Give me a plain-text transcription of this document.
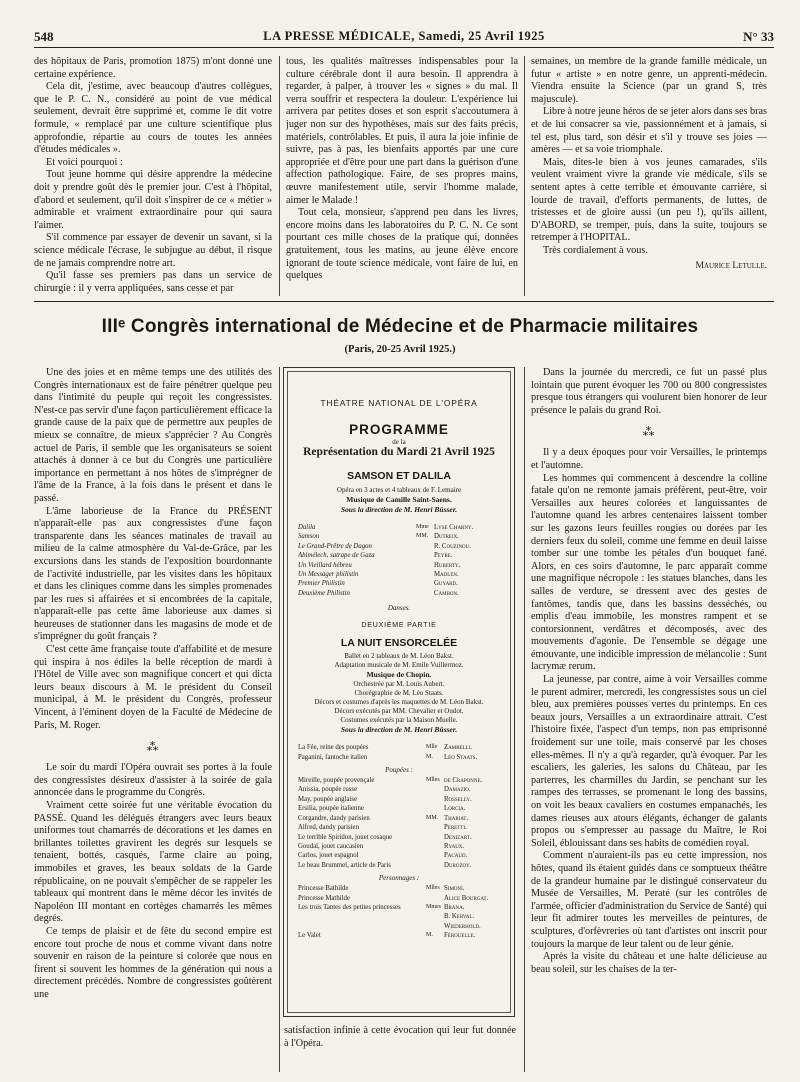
548	LA PRESSE MÉDICALE, Samedi, 25 Avril 1925	N° 33

des hôpitaux de Paris, promotion 1875) m'ont donné une certaine expérience.

Cela dit, j'estime, avec beaucoup d'autres collègues, que le P. C. N., considéré au point de vue médical seulement, devrait être supprimé et, comme le dit votre formule, « remplacé par une culture scientifique plus approfondie, répartie au cours de toutes les années d'études médicales ».

Et voici pourquoi :

Tout jeune homme qui désire apprendre la médecine doit y prendre goût dès le premier jour. C'est à l'hôpital, d'abord et seulement, qu'il doit s'inspirer de ce « métier » admirable et vraiment extraordinaire pour qui saura l'aimer.

S'il commence par essayer de devenir un savant, si la science médicale l'écrase, le subjugue au début, il risque de ne jamais comprendre notre art.

Qu'il fasse ses premiers pas dans un service de chirurgie : il y verra appliquées, sans cesse et par

tous, les qualités maîtresses indispensables pour la culture cérébrale dont il aura besoin. Il apprendra à regarder, à palper, à trouver les « signes » du mal. Il verra souffrir et respectera la douleur. L'expérience lui arrivera par petites doses et son esprit s'accoutumera à juger non sur des hypothèses, mais sur des faits précis, matériels, contrôlables. Et puis, il aura la joie infinie de suivre, pas à pas, les bienfaits apportés par une cure appropriée et d'être pour une part dans la guérison d'une affection pathologique. Faire, de ses propres mains, œuvre manifestement utile, servir l'homme malade, aimer le Malade !

Tout cela, monsieur, s'apprend peu dans les livres, encore moins dans les laboratoires du P. C. N. Ce sont pourtant ces mille choses de la pratique qui, données gratuitement, tous les matins, au jeune élève encore ignorant de toute science médicale, vont faire de lui, en quelques

semaines, un membre de la grande famille médicale, un futur « artiste » en notre genre, un apprenti-médecin. Viendra ensuite la Science (par un grand S, très majuscule).

Libre à notre jeune héros de se jeter alors dans ses bras et de lui consacrer sa vie, passionnément et à jamais, si tel est, plus tard, son désir et s'il y trouve ses joies — amères — et sa voie triomphale.

Mais, dites-le bien à vos jeunes camarades, s'ils veulent vraiment vivre la grande vie médicale, s'ils se sentent aptes à cette terrible et émouvante carrière, si lourde de travail, d'efforts permanents, de luttes, de tristesses et de gloire aussi (un peu !), qu'ils aillent, D'ABORD, se tremper, puis, dans la suite, toujours se retremper à l'HOPITAL.

Très cordialement à vous.

Maurice Letulle.

IIIᵉ Congrès international de Médecine et de Pharmacie militaires
(Paris, 20-25 Avril 1925.)

Une des joies et en même temps une des utilités des Congrès internationaux est de faire pénétrer quelque peu dans l'intimité du peuple qui reçoit les congressistes. N'est-ce pas servir d'une façon particulièrement efficace la grande cause de la paix que de permettre aux peuples de mieux se connaître, de mieux s'apprécier ? Au Congrès actuel de Paris, il semble que les organisateurs se soient attachés à donner à ce but du Congrès une particulière importance en permettant à nos hôtes de s'imprégner de l'âme de la France, à la fois dans le présent et dans le passé.

L'âme laborieuse de la France du PRÉSENT n'apparaît-elle pas aux congressistes d'une façon transparente dans les séances matinales de travail au milieu de la calme atmosphère du Val-de-Grâce, par les excursions dans les stands de l'exposition bourdonnante de l'activité industrielle, par les visites dans les hôpitaux et dans les cliniques comme dans les simples promenades par les rues si affairées et si encombrées de la capitale, n'apparaît-elle pas cette âme laborieuse aux dames si heureuses de stationner dans les magasins de mode et de s'imprégner du goût français ?

C'est cette âme française toute d'affabilité et de mesure qui inspira à nos édiles la belle réception de mardi à l'Hôtel de Ville avec son magnifique concert et qui dicta leurs beaux discours à M. le président du Conseil municipal, à M. le président du Congrès, professeur Vincent, à l'éminent doyen de la Faculté de Médecine de Paris, M. Roger.

⁂

Le soir du mardi l'Opéra ouvrait ses portes à la foule des congressistes désireux d'assister à la soirée de gala annoncée dans le programme du Congrès.

Vraiment cette soirée fut une véritable évocation du PASSÉ. Quand les délégués étrangers avec leurs beaux uniformes tout chamarrés de décorations et les dames en brillantes toilettes gravirent les degrés sur lesquels se tenaient, bottés, casqués, l'arme claire au poing, immobiles et graves, les beaux soldats de la Garde républicaine, on ne pouvait s'empêcher de se rappeler les tableaux qui montrent dans le même décor les invités de Napoléon III montant en cortèges chamarrés les mêmes degrés.

Ce temps de plaisir et de fête du second empire est encore tout proche de nous et comme vivant dans notre souvenir en raison de la peinture si colorée que nous en firent si souvent les hommes de la génération qui nous a directement précédés. Nombre de congressistes goûtèrent une

THÉATRE NATIONAL DE L'OPÉRA
PROGRAMME
de la
Représentation du Mardi 21 Avril 1925
SAMSON ET DALILA
Opéra en 3 actes et 4 tableaux de F. Lemaire
Musique de Camille Saint-Saens.
Sous la direction de M. Henri Büsser.
Dalila	Mme Lyse Charny.
Samson	MM. Dutreix.
Le Grand-Prêtre de Dagon	R. Couzinou.
Abimélech, satrape de Gaza	Peyre.
Un Vieillard hébreu	Huberty.
Un Messager philistin	Madlen.
Premier Philistin	Guyard.
Deuxième Philistin	Cambon.
Danses.
DEUXIÈME PARTIE
LA NUIT ENSORCELÉE
Ballet en 2 tableaux de M. Léon Bakst.
Adaptation musicale de M. Emile Vuillermoz.
Musique de Chopin.
Orchestrée par M. Louis Aubert.
Chorégraphie de M. Léo Staats.
Décors et costumes d'après les maquettes de M. Léon Bakst.
Décors exécutés par MM. Chevalier et Oudot.
Costumes exécutés par la Maison Muelle.
Sous la direction de M. Henri Büsser.
La Fée, reine des poupées	Mlle Zambelli.
Paganini, fantoche italien	M.	Léo Staats.
Poupées :
Mireille, poupée provençale	Mlles de Craponne.
Anissia, poupée russe	Damazio.
May, poupée anglaise	Rosselly.
Ersilia, poupée italienne	Lorcia.
Corgandre, dandy parisien	MM. Thariat.
Alfred, dandy parisien	Peretti.
Le terrible Spiridon, jouet cosaque	Denizart.
Goudal, jouet caucasien	Ryaux.
Carlos, jouet espagnol	Pacaud.
Le beau Brummel, article de Paris	Durozoy.
Personnages :
Princesse Bathilde	Mlles Simoni.
Princesse Mathilde	Alice Bourgat.
Les trois Tantes des petites princesses	Mmes Brana.
B. Kerval.
Wiederhold.
Le Valet	M.	Férouelle.

satisfaction infinie à cette évocation qui leur fut donnée à l'Opéra.

Dans la journée du mercredi, ce fut un passé plus lointain que purent évoquer les 700 ou 800 congressistes presque tous étrangers qui voulurent bien honorer de leur présence le palais du grand Roi.

⁂

Il y a deux époques pour voir Versailles, le printemps et l'automne.

Les hommes qui commencent à descendre la colline fatale qu'on ne remonte jamais préfèrent, peut-être, voir Versailles aux heures colorées et languissantes de l'automne quand les arbres centenaires laissent tomber sur les gazons leurs feuilles rougies ou dorées par les derniers feux du soleil, comme une femme en deuil laisse tomber sur une tombe les pétales d'un bouquet fané. Alors, en ces soirs d'automne, le parc apparaît comme une magnifique nécropole : les statues blanches, dans les salles de verdure, se dressent avec des gestes de fantômes, tandis que, dans les bassins desséchés, ou emplis d'eau immobile, les monstres rampent et se contorsionnent, verdâtres et décomposés, avec des mouvements d'agonie. De l'ensemble se dégage une émouvante, une indicible impression de mélancolie : Sunt lacrymæ rerum.

La jeunesse, par contre, aime à voir Versailles comme le purent admirer, mercredi, les congressistes sous un ciel bleu, aux premières pousses vertes du printemps. En ces beaux jours, Versailles a un extraordinaire attrait. C'est l'histoire fixée, l'aspect d'un temps, non pas emprisonné froidement sur une toile, mais conservé par les choses elles-mêmes. Il n'y a qu'à regarder, qu'à évoquer. Par les escaliers, les galeries, les salons du Château, par les parterres, les charmilles du Jardin, se penchant sur les rampes des terrasses, se promenant le long des bassins, on voit les beaux cavaliers en costumes empanachés, les dames rieuses aux atours élégants, échanger de galants propos ou s'empresser au passage du Maître, le Roi Soleil, éblouissant dans ses habits de comédien royal.

Comment n'auraient-ils pas eu cette impression, nos hôtes, quand ils étaient guidés dans ce somptueux théâtre de la grandeur humaine par le distingué conservateur du Musée de Versailles, M. Peraté (sur les contrôles de l'armée, officier d'administration du Service de Santé) qui leur fit admirer toutes les merveilles de peintures, de sculptures, d'orfèvreries où tant d'artistes ont inscrit pour toujours la marque de leur talent ou de leur génie.

Après la visite du château et une halte délicieuse au beau soleil, sur les chaises de la ter-
